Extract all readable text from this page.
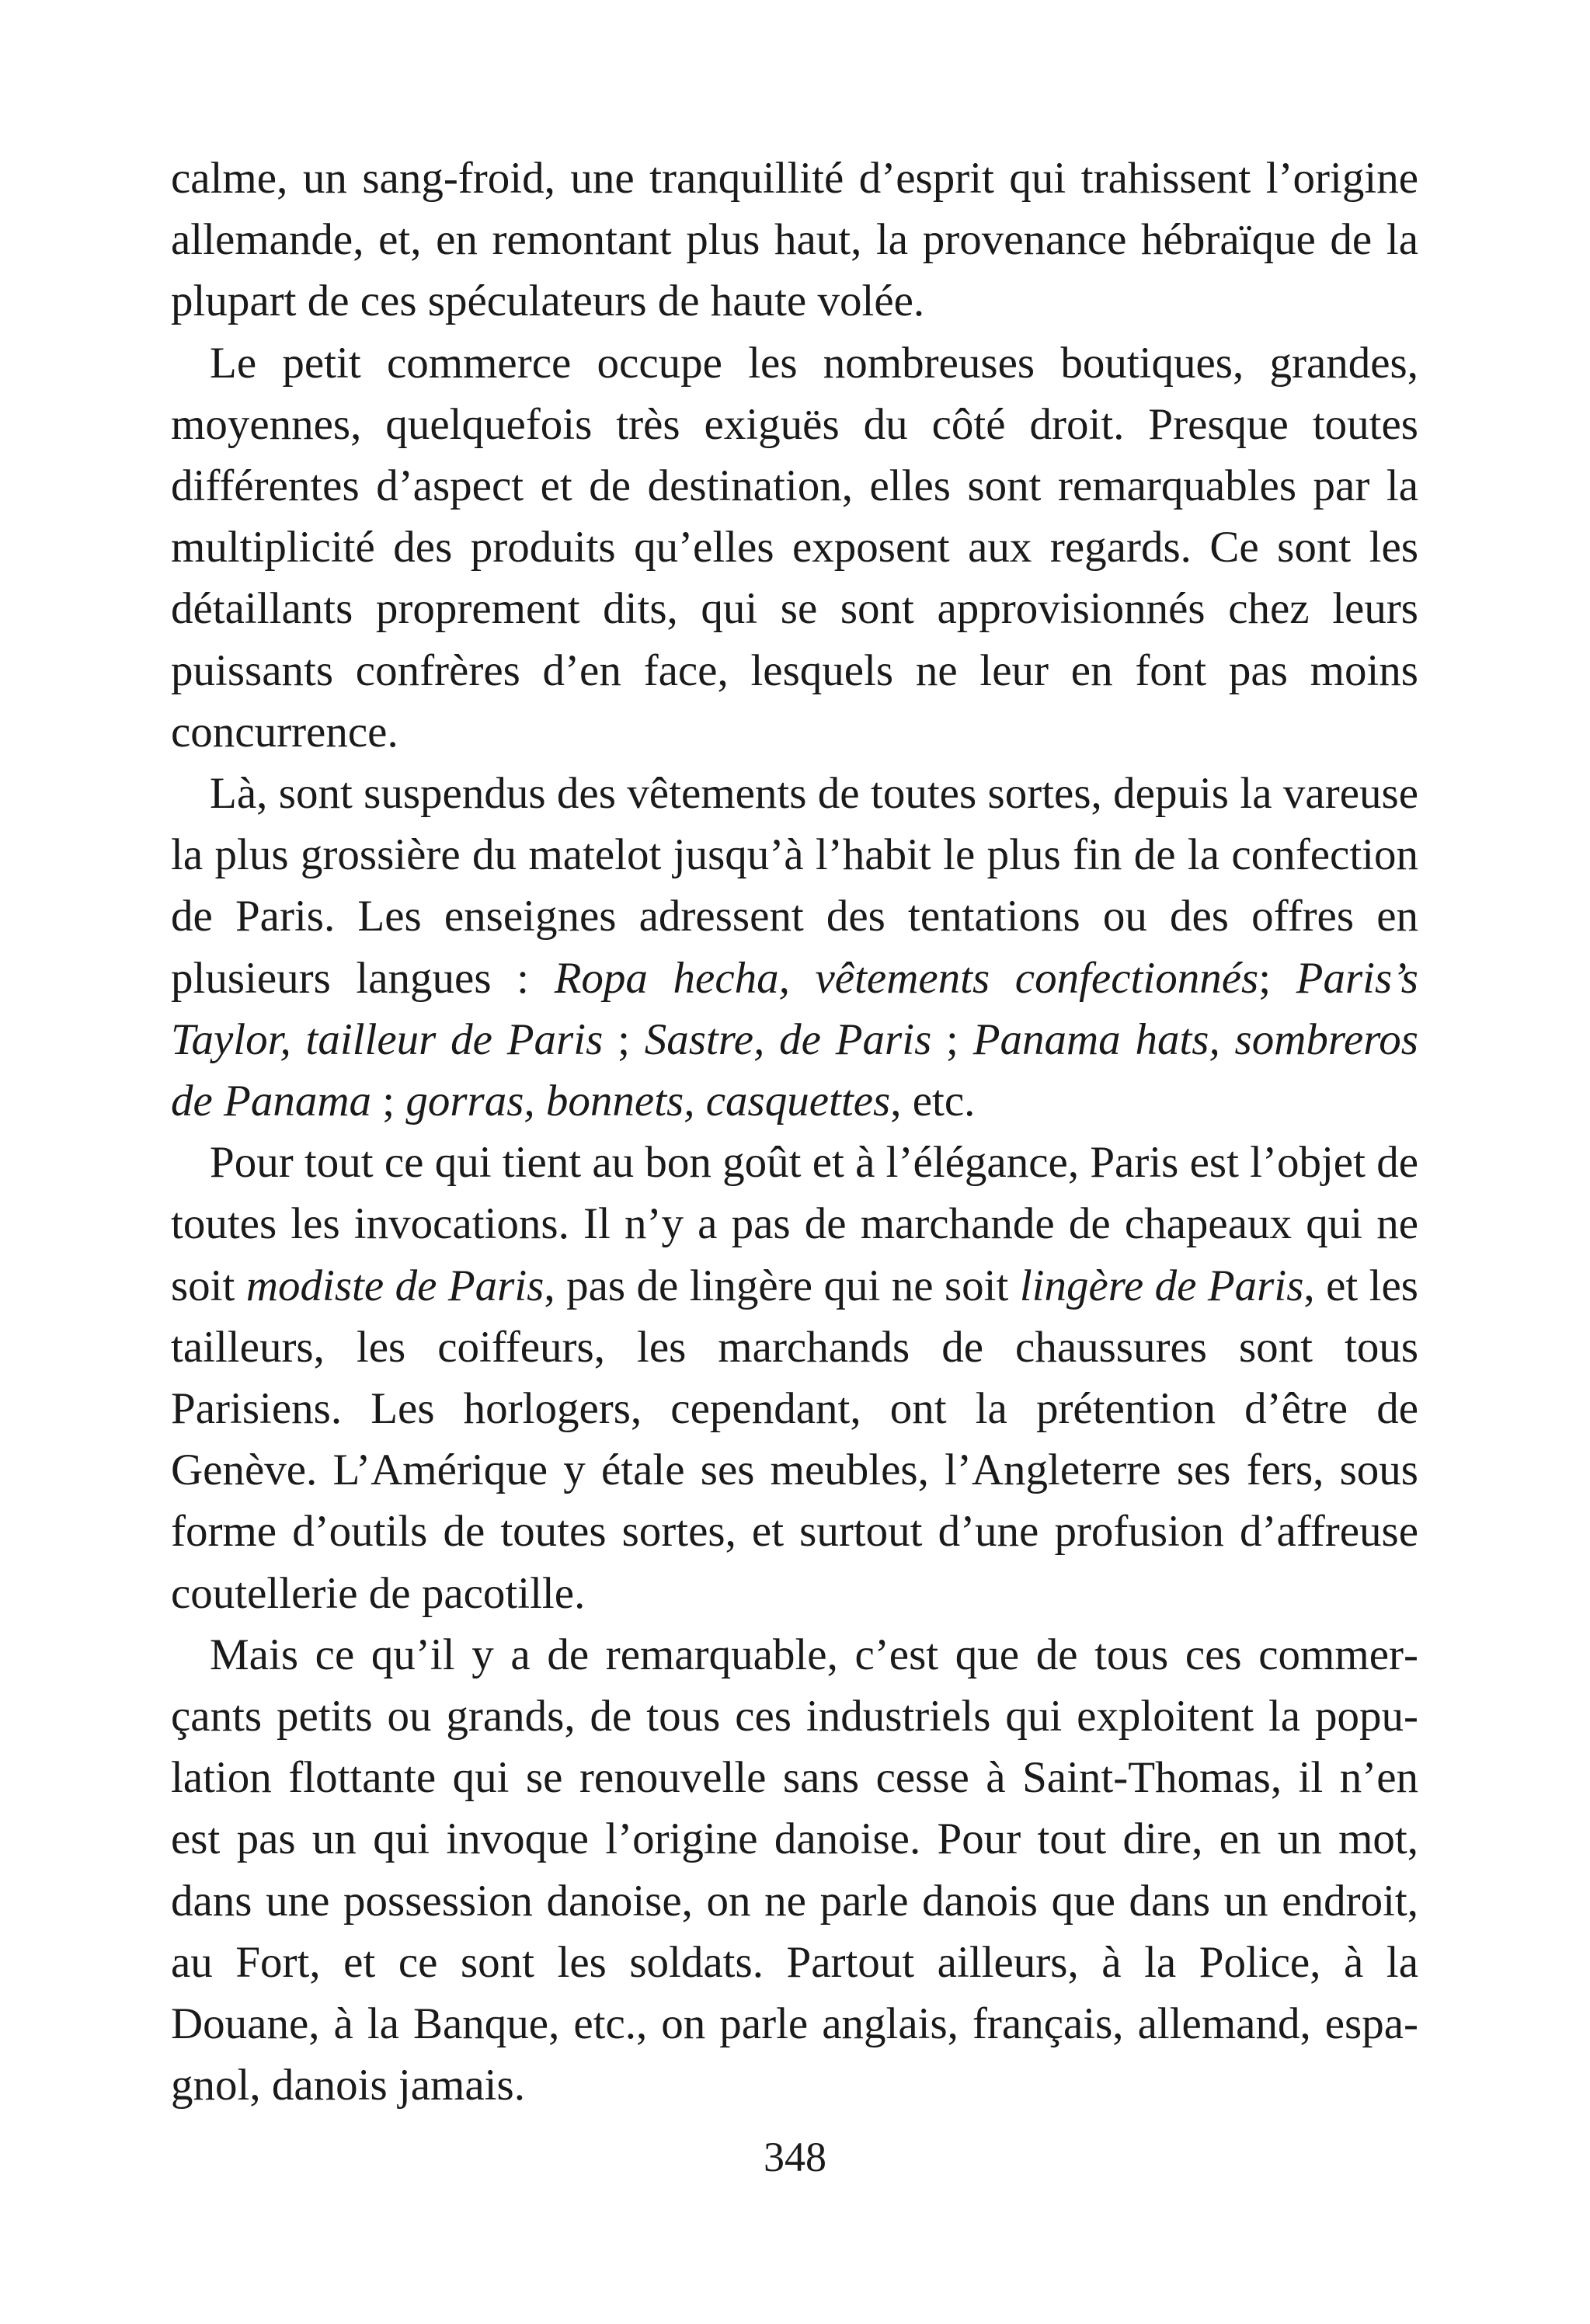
calme, un sang-froid, une tranquillité d’esprit qui trahissent l’origine allemande, et, en remontant plus haut, la provenance hébraïque de la plupart de ces spéculateurs de haute volée.

Le petit commerce occupe les nombreuses boutiques, grandes, moyennes, quelquefois très exiguës du côté droit. Presque toutes différentes d’aspect et de destination, elles sont remarquables par la multiplicité des produits qu’elles exposent aux regards. Ce sont les détaillants proprement dits, qui se sont approvisionnés chez leurs puissants confrères d’en face, lesquels ne leur en font pas moins concurrence.

Là, sont suspendus des vêtements de toutes sortes, depuis la vareuse la plus grossière du matelot jusqu’à l’habit le plus fin de la confection de Paris. Les enseignes adressent des tentations ou des offres en plusieurs langues : Ropa hecha, vêtements confectionnés; Paris’s Taylor, tailleur de Paris ; Sastre, de Paris ; Panama hats, sombreros de Panama ; gorras, bonnets, casquettes, etc.

Pour tout ce qui tient au bon goût et à l’élégance, Paris est l’objet de toutes les invocations. Il n’y a pas de marchande de chapeaux qui ne soit modiste de Paris, pas de lingère qui ne soit lingère de Paris, et les tailleurs, les coiffeurs, les marchands de chaussures sont tous Parisiens. Les horlogers, cependant, ont la prétention d’être de Genève. L’Amérique y étale ses meubles, l’Angleterre ses fers, sous forme d’outils de toutes sortes, et surtout d’une profusion d’affreuse coutellerie de pacotille.

Mais ce qu’il y a de remarquable, c’est que de tous ces commerçants petits ou grands, de tous ces industriels qui exploitent la population flottante qui se renouvelle sans cesse à Saint-Thomas, il n’en est pas un qui invoque l’origine danoise. Pour tout dire, en un mot, dans une possession danoise, on ne parle danois que dans un endroit, au Fort, et ce sont les soldats. Partout ailleurs, à la Police, à la Douane, à la Banque, etc., on parle anglais, français, allemand, espagnol, danois jamais.

348
